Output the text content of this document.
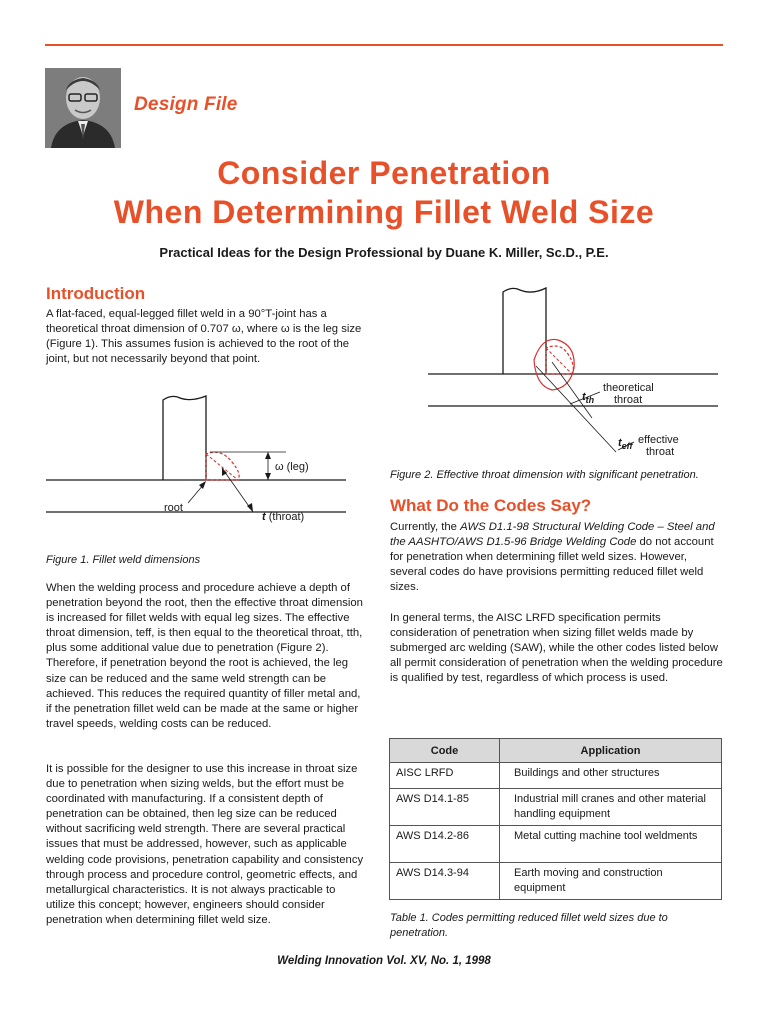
Design File
Consider Penetration
When Determining Fillet Weld Size
Practical Ideas for the Design Professional by Duane K. Miller, Sc.D., P.E.
Introduction
A flat-faced, equal-legged fillet weld in a 90°T-joint has a theoretical throat dimension of 0.707 ω, where ω is the leg size (Figure 1). This assumes fusion is achieved to the root of the joint, but not necessarily beyond that point.
ω (leg)
root
t (throat)
Figure 1. Fillet weld dimensions
When the welding process and procedure achieve a depth of penetration beyond the root, then the effective throat dimension is increased for fillet welds with equal leg sizes. The effective throat dimension, teff, is then equal to the theoretical throat, tth, plus some additional value due to penetration (Figure 2). Therefore, if penetration beyond the root is achieved, the leg size can be reduced and the same weld strength can be achieved. This reduces the required quantity of filler metal and, if the penetration fillet weld can be made at the same or higher travel speeds, welding costs can be reduced.
It is possible for the designer to use this increase in throat size due to penetration when sizing welds, but the effort must be coordinated with manufacturing. If a consistent depth of penetration can be obtained, then leg size can be reduced without sacrificing weld strength. There are several practical issues that must be addressed, however, such as applicable welding code provisions, penetration capability and consistency through process and procedure control, geometric effects, and metallurgical characteristics. It is not always practicable to utilize this concept; however, engineers should consider penetration when determining fillet weld size.
$t_{th}$
theoretical
throat
$t_{eff}$ effective
throat
Figure 2. Effective throat dimension with significant penetration.
What Do the Codes Say?
Currently, the AWS D1.1-98 Structural Welding Code – Steel and the AASHTO/AWS D1.5-96 Bridge Welding Code do not account for penetration when determining fillet weld sizes. However, several codes do have provisions permitting reduced fillet weld sizes.
In general terms, the AISC LRFD specification permits consideration of penetration when sizing fillet welds made by submerged arc welding (SAW), while the other codes listed below all permit consideration of penetration when the welding procedure is qualified by test, regardless of which process is used.
Code	Application
AISC LRFD	Buildings and other structures
AWS D14.1-85	Industrial mill cranes and other material handling equipment
AWS D14.2-86	Metal cutting machine tool weldments
AWS D14.3-94	Earth moving and construction equipment
Table 1. Codes permitting reduced fillet weld sizes due to penetration.
Welding Innovation Vol. XV, No. 1, 1998
